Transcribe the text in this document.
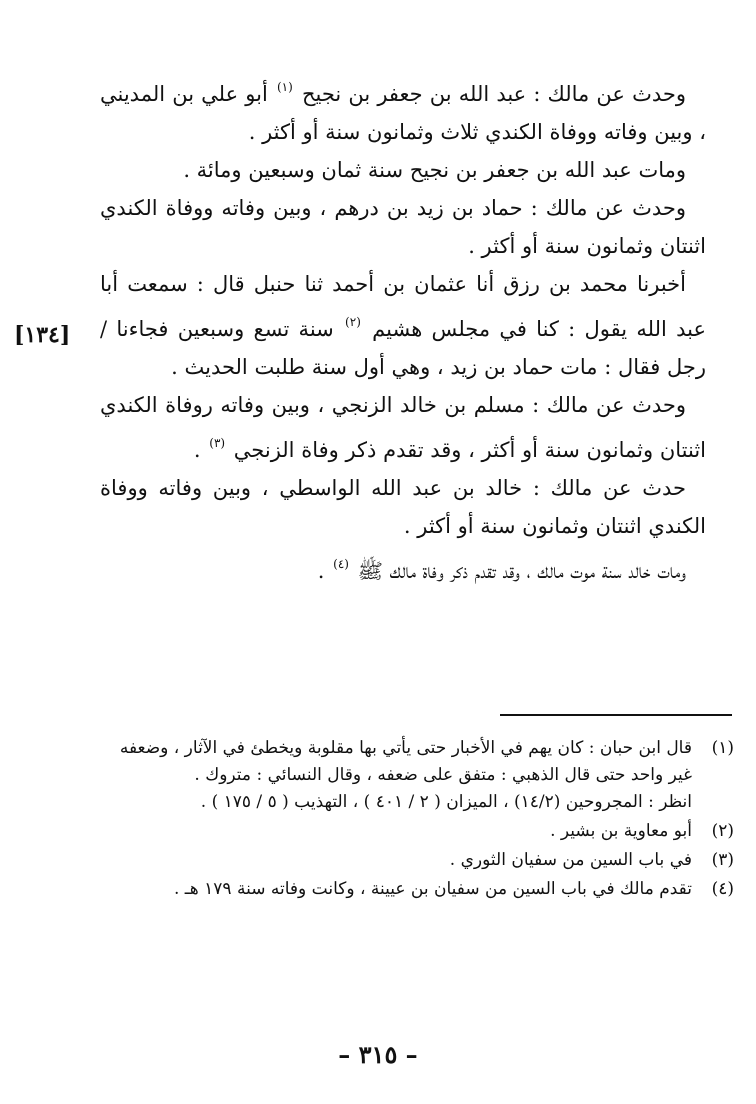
وحدث عن مالك : عبد الله بن جعفر بن نجيح $^{(١)}$ أبو علي بن المديني ، وبين وفاته ووفاة الكندي ثلاث وثمانون سنة أو أكثر .

ومات عبد الله بن جعفر بن نجيح سنة ثمان وسبعين ومائة .

وحدث عن مالك : حماد بن زيد بن درهم ، وبين وفاته ووفاة الكندي اثنتان وثمانون سنة أو أكثر .

أخبرنا محمد بن رزق أنا عثمان بن أحمد ثنا حنبل قال : سمعت أبا عبد الله يقول : كنا في مجلس هشيم $^{(٢)}$ سنة تسع وسبعين فجاءنا / رجل فقال : مات حماد بن زيد ، وهي أول سنة طلبت الحديث .

وحدث عن مالك : مسلم بن خالد الزنجي ، وبين وفاته روفاة الكندي اثنتان وثمانون سنة أو أكثر ، وقد تقدم ذكر وفاة الزنجي $^{(٣)}$ .

حدث عن مالك : خالد بن عبد الله الواسطي ، وبين وفاته ووفاة الكندي اثنتان وثمانون سنة أو أكثر .

ومات خالد سنة موت مالك ، وقد تقدم ذكر وفاة مالك ﷺ $^{(٤)}$ .

[١٣٤]
(١)

قال ابن حبان : كان يهم في الأخبار حتى يأتي بها مقلوبة ويخطئ في الآثار ، وضعفه

غير واحد حتى قال الذهبي : متفق على ضعفه ، وقال النسائي : متروك .

انظر : المجروحين (١٤/٢) ، الميزان ( ٢ / ٤٠١ ) ، التهذيب ( ٥ / ١٧٥ ) .

(٢)

أبو معاوية بن بشير .

(٣)

في باب السين من سفيان الثوري .

(٤)

تقدم مالك في باب السين من سفيان بن عيينة ، وكانت وفاته سنة ١٧٩ هـ .

– ٣١٥ –
